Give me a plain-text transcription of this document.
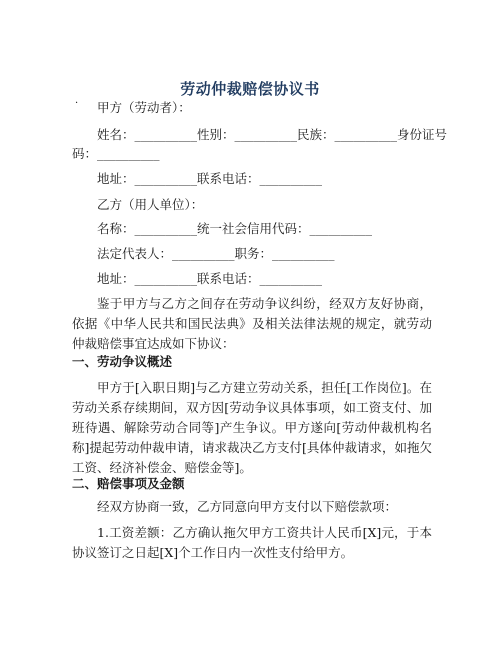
劳动仲裁赔偿协议书
· 甲方（劳动者）：
姓名：__________性别：__________民族：__________身份证号
码：__________
地址：__________联系电话：__________
乙方（用人单位）：
名称：__________统一社会信用代码：__________
法定代表人：__________职务：__________
地址：__________联系电话：__________
鉴于甲方与乙方之间存在劳动争议纠纷，经双方友好协商，依据《中华人民共和国民法典》及相关法律法规的规定，就劳动仲裁赔偿事宜达成如下协议：
一、劳动争议概述
甲方于[入职日期]与乙方建立劳动关系，担任[工作岗位]。在劳动关系存续期间，双方因[劳动争议具体事项，如工资支付、加班待遇、解除劳动合同等]产生争议。甲方遂向[劳动仲裁机构名称]提起劳动仲裁申请，请求裁决乙方支付[具体仲裁请求，如拖欠工资、经济补偿金、赔偿金等]。
二、赔偿事项及金额
经双方协商一致，乙方同意向甲方支付以下赔偿款项：
1.工资差额：乙方确认拖欠甲方工资共计人民币[X]元，于本协议签订之日起[X]个工作日内一次性支付给甲方。
